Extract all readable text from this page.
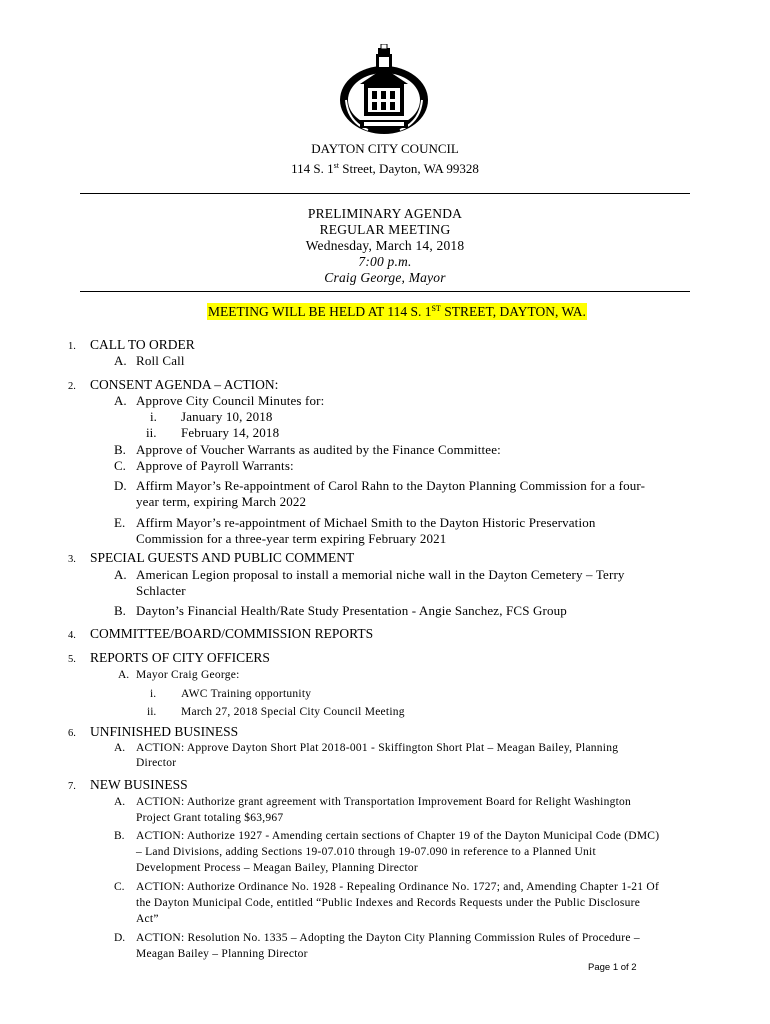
DAYTON CITY COUNCIL
114 S. 1st Street, Dayton, WA 99328
PRELIMINARY AGENDA
REGULAR MEETING
Wednesday, March 14, 2018
7:00 p.m.
Craig George, Mayor
MEETING WILL BE HELD AT 114 S. 1ST STREET, DAYTON, WA.
1. CALL TO ORDER
A. Roll Call
2. CONSENT AGENDA – ACTION:
A. Approve City Council Minutes for:
i. January 10, 2018
ii. February 14, 2018
B. Approve of Voucher Warrants as audited by the Finance Committee:
C. Approve of Payroll Warrants:
D. Affirm Mayor’s Re-appointment of Carol Rahn to the Dayton Planning Commission for a four-
year term, expiring March 2022
E. Affirm Mayor’s re-appointment of Michael Smith to the Dayton Historic Preservation
Commission for a three-year term expiring February 2021
3. SPECIAL GUESTS AND PUBLIC COMMENT
A. American Legion proposal to install a memorial niche wall in the Dayton Cemetery – Terry
Schlacter
B. Dayton’s Financial Health/Rate Study Presentation - Angie Sanchez, FCS Group
4. COMMITTEE/BOARD/COMMISSION REPORTS
5. REPORTS OF CITY OFFICERS
A. Mayor Craig George:
i. AWC Training opportunity
ii. March 27, 2018 Special City Council Meeting
6. UNFINISHED BUSINESS
A. ACTION: Approve Dayton Short Plat 2018-001 - Skiffington Short Plat – Meagan Bailey, Planning
Director
7. NEW BUSINESS
A. ACTION: Authorize grant agreement with Transportation Improvement Board for Relight Washington
Project Grant totaling $63,967
B. ACTION: Authorize 1927 - Amending certain sections of Chapter 19 of the Dayton Municipal Code (DMC)
– Land Divisions, adding Sections 19-07.010 through 19-07.090 in reference to a Planned Unit
Development Process – Meagan Bailey, Planning Director
C. ACTION: Authorize Ordinance No. 1928 - Repealing Ordinance No. 1727; and, Amending Chapter 1-21 Of
the Dayton Municipal Code, entitled “Public Indexes and Records Requests under the Public Disclosure
Act”
D. ACTION: Resolution No. 1335 – Adopting the Dayton City Planning Commission Rules of Procedure –
Meagan Bailey – Planning Director
Page 1 of 2
